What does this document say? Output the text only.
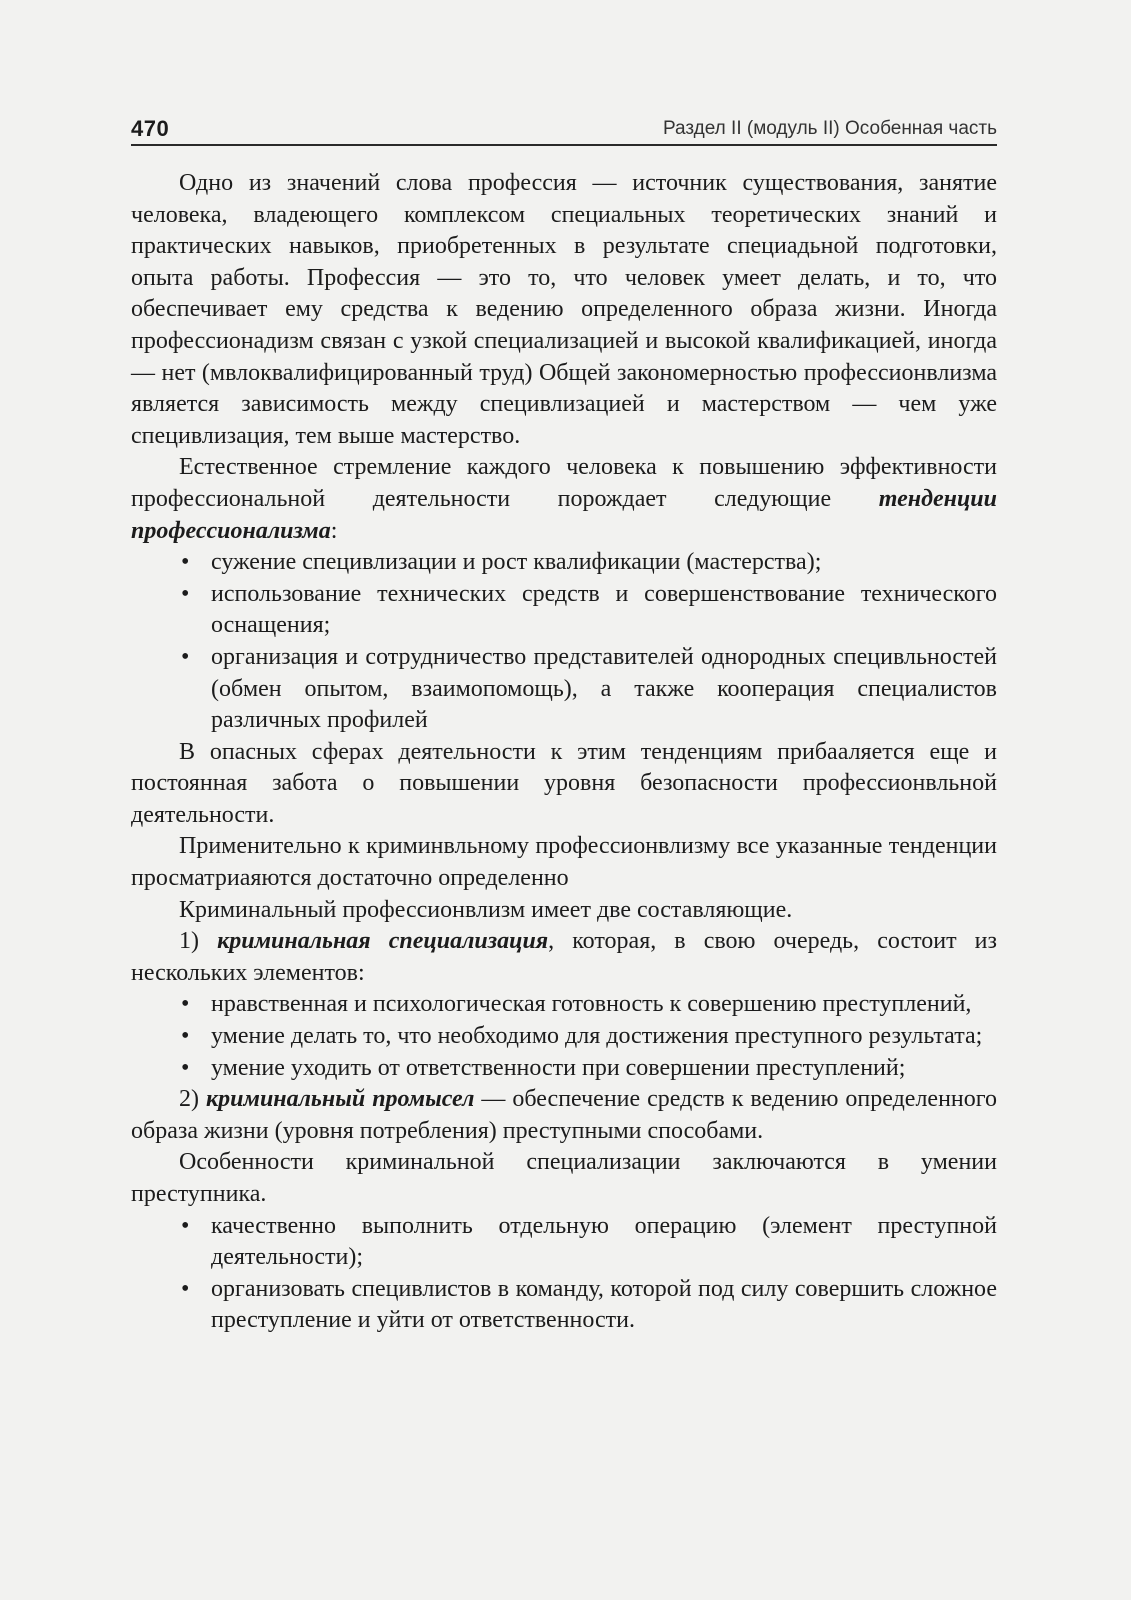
470	Раздел II (модуль II) Особенная часть

Одно из значений слова профессия — источник существования, занятие человека, владеющего комплексом специальных теоретических знаний и практических навыков, приобретенных в результате специадьной подготовки, опыта работы. Профессия — это то, что человек умеет делать, и то, что обеспечивает ему средства к ведению определенного образа жизни. Иногда профессионадизм связан с узкой специализацией и высокой квалификацией, иногда — нет (мвлоквалифицированный труд) Общей закономерностью профессионвлизма является зависимость между специвлизацией и мастерством — чем уже специвлизация, тем выше мастерство.

Естественное стремление каждого человека к повышению эффективности профессиональной деятельности порождает следующие тенденции профессионализма:

• сужение специвлизации и рост квалификации (мастерства);
• использование технических средств и совершенствование технического оснащения;
• организация и сотрудничество представителей однородных специвльностей (обмен опытом, взаимопомощь), а также кооперация специалистов различных профилей

В опасных сферах деятельности к этим тенденциям прибааляется еще и постоянная забота о повышении уровня безопасности профессионвльной деятельности.

Применительно к криминвльному профессионвлизму все указанные тенденции просматриаяются достаточно определенно

Криминальный профессионвлизм имеет две составляющие.

1) криминальная специализация, которая, в свою очередь, состоит из нескольких элементов:

• нравственная и психологическая готовность к совершению преступлений,
• умение делать то, что необходимо для достижения преступного результата;
• умение уходить от ответственности при совершении преступлений;

2) криминальный промысел — обеспечение средств к ведению определенного образа жизни (уровня потребления) преступными способами.

Особенности криминальной специализации заключаются в умении преступника.

• качественно выполнить отдельную операцию (элемент преступной деятельности);
• организовать специвлистов в команду, которой под силу совершить сложное преступление и уйти от ответственности.
